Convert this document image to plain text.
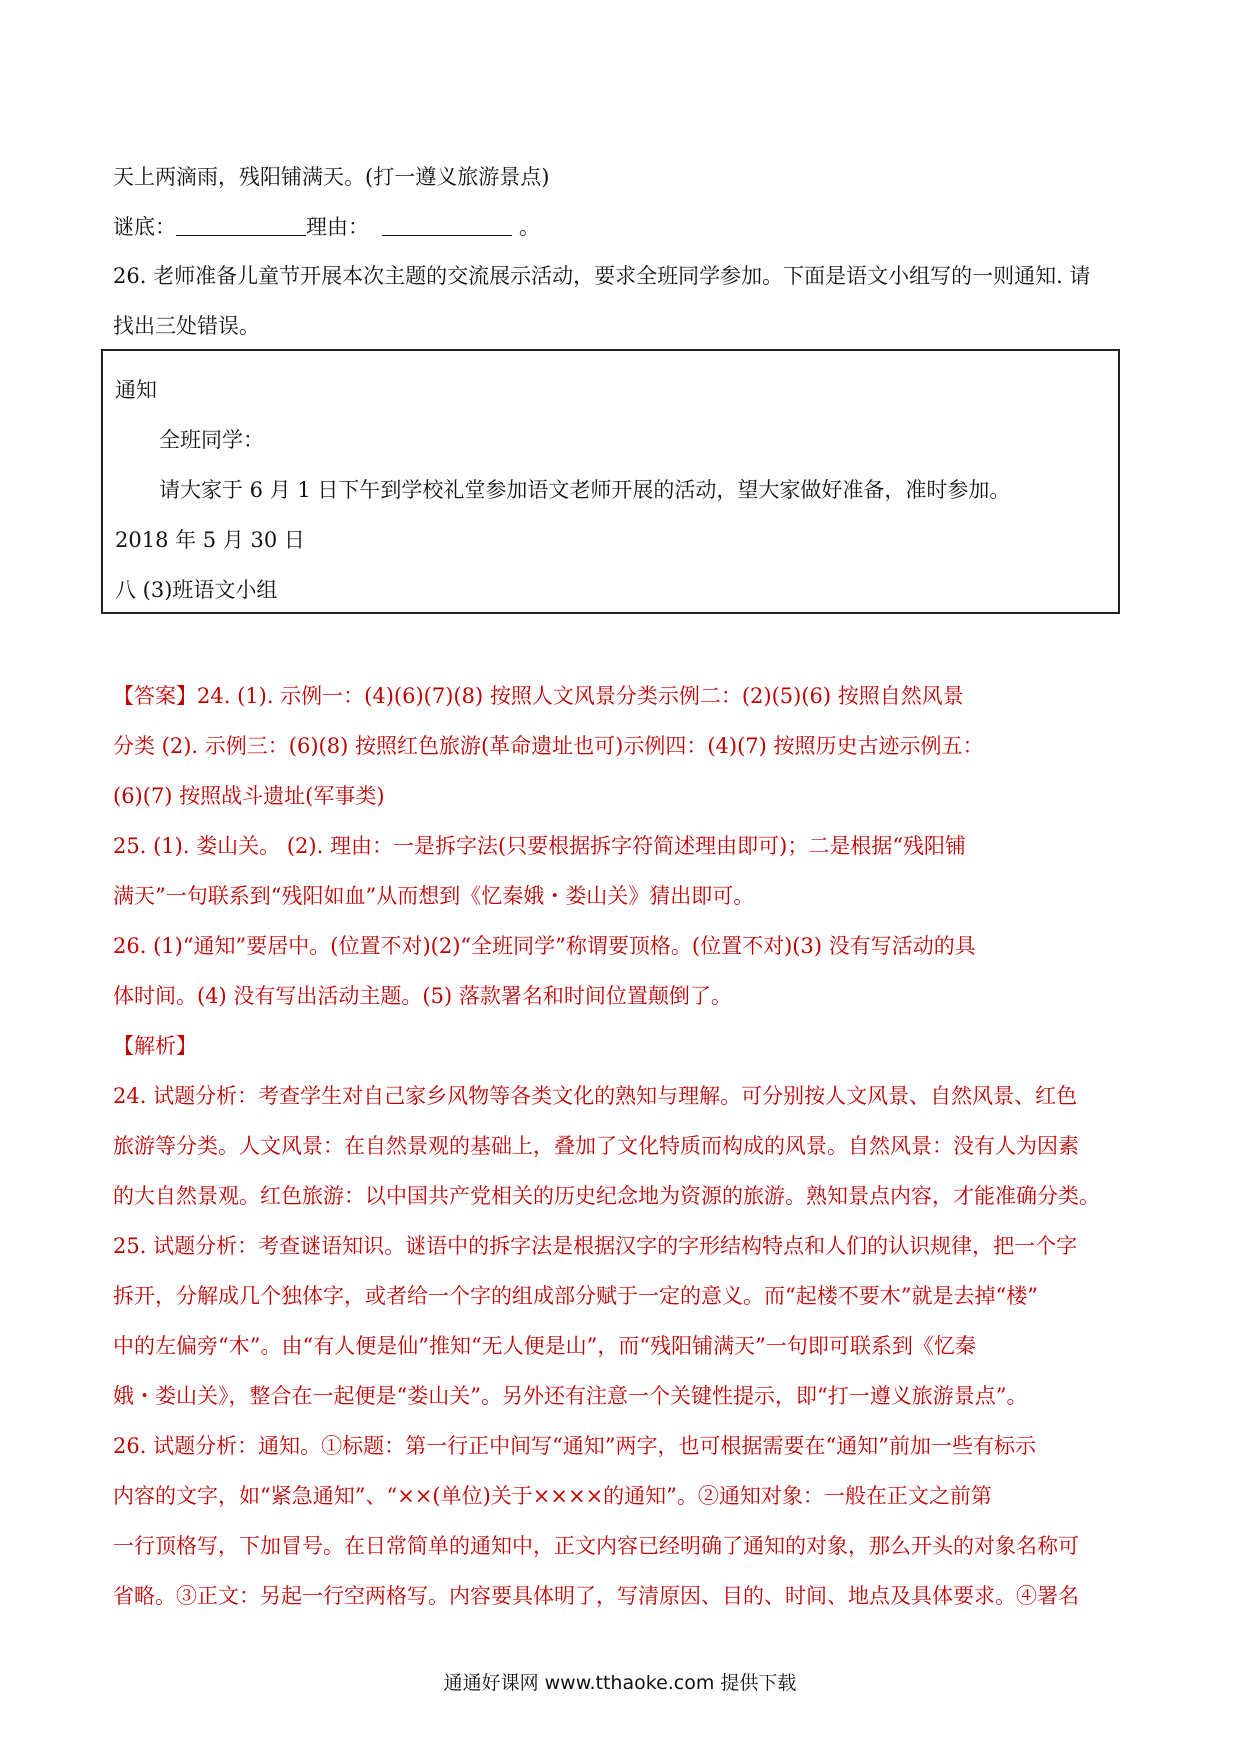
天上两滴雨，残阳铺满天。(打一遵义旅游景点)
谜底：	理由：	。
26. 老师准备儿童节开展本次主题的交流展示活动，要求全班同学参加。下面是语文小组写的一则通知. 请
找出三处错误。
通知
全班同学：
请大家于 6 月 1 日下午到学校礼堂参加语文老师开展的活动，望大家做好准备，准时参加。
2018 年 5 月 30 日
八 (3)班语文小组
【答案】24. (1). 示例一：(4)(6)(7)(8) 按照人文风景分类示例二：(2)(5)(6) 按照自然风景
分类 (2). 示例三：(6)(8) 按照红色旅游(革命遗址也可)示例四：(4)(7) 按照历史古迹示例五：
(6)(7) 按照战斗遗址(军事类)
25. (1). 娄山关。 (2). 理由：一是拆字法(只要根据拆字符简述理由即可)；二是根据“残阳铺
满天”一句联系到“残阳如血”从而想到《忆秦娥・娄山关》猜出即可。
26. (1)“通知”要居中。(位置不对)(2)“全班同学”称谓要顶格。(位置不对)(3) 没有写活动的具
体时间。(4) 没有写出活动主题。(5) 落款署名和时间位置颠倒了。
【解析】
24. 试题分析：考查学生对自己家乡风物等各类文化的熟知与理解。可分别按人文风景、自然风景、红色
旅游等分类。人文风景：在自然景观的基础上，叠加了文化特质而构成的风景。自然风景：没有人为因素
的大自然景观。红色旅游：以中国共产党相关的历史纪念地为资源的旅游。熟知景点内容，才能准确分类。
25. 试题分析：考查谜语知识。谜语中的拆字法是根据汉字的字形结构特点和人们的认识规律，把一个字
拆开，分解成几个独体字，或者给一个字的组成部分赋于一定的意义。而“起楼不要木”就是去掉“楼”
中的左偏旁“木”。由“有人便是仙”推知“无人便是山”，而“残阳铺满天”一句即可联系到《忆秦
娥・娄山关》，整合在一起便是“娄山关”。另外还有注意一个关键性提示，即“打一遵义旅游景点”。
26. 试题分析：通知。①标题：第一行正中间写“通知”两字，也可根据需要在“通知”前加一些有标示
内容的文字，如“紧急通知”、“××(单位)关于××××的通知”。②通知对象：一般在正文之前第
一行顶格写，下加冒号。在日常简单的通知中，正文内容已经明确了通知的对象，那么开头的对象名称可
省略。③正文：另起一行空两格写。内容要具体明了，写清原因、目的、时间、地点及具体要求。④署名
通通好课网 www.tthaoke.com 提供下载
